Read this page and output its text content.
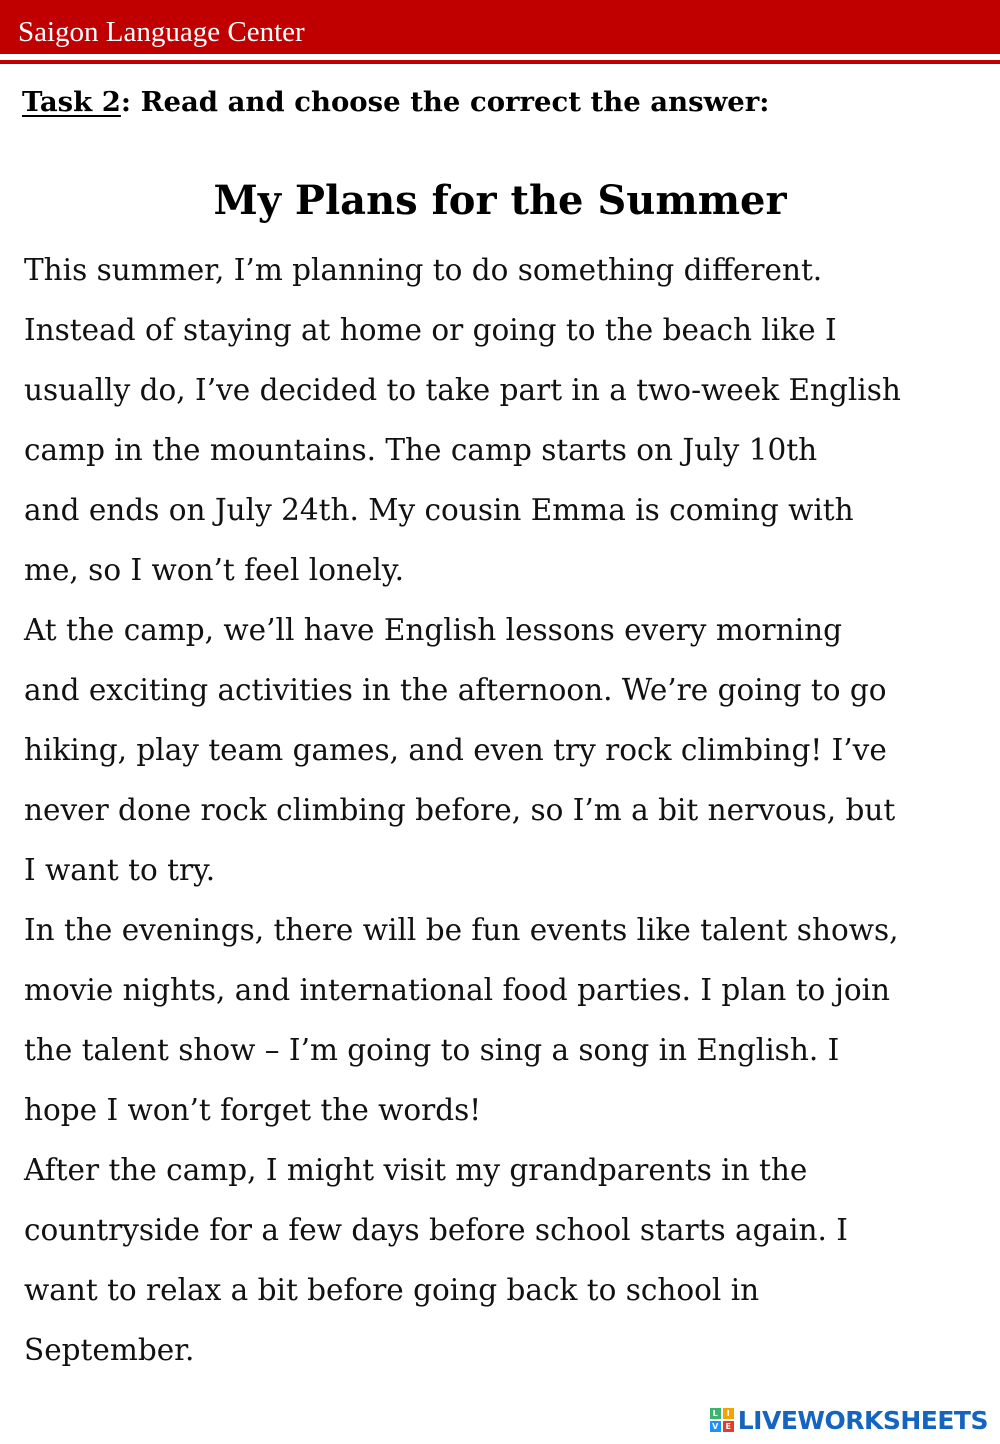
Saigon Language Center
Task 2: Read and choose the correct the answer:
My Plans for the Summer
This summer, I’m planning to do something different.
Instead of staying at home or going to the beach like I
usually do, I’ve decided to take part in a two-week English
camp in the mountains. The camp starts on July 10th
and ends on July 24th. My cousin Emma is coming with
me, so I won’t feel lonely.
At the camp, we’ll have English lessons every morning
and exciting activities in the afternoon. We’re going to go
hiking, play team games, and even try rock climbing! I’ve
never done rock climbing before, so I’m a bit nervous, but
I want to try.
In the evenings, there will be fun events like talent shows,
movie nights, and international food parties. I plan to join
the talent show – I’m going to sing a song in English. I
hope I won’t forget the words!
After the camp, I might visit my grandparents in the
countryside for a few days before school starts again. I
want to relax a bit before going back to school in
September.
L	I
V E LIVEWORKSHEETS
